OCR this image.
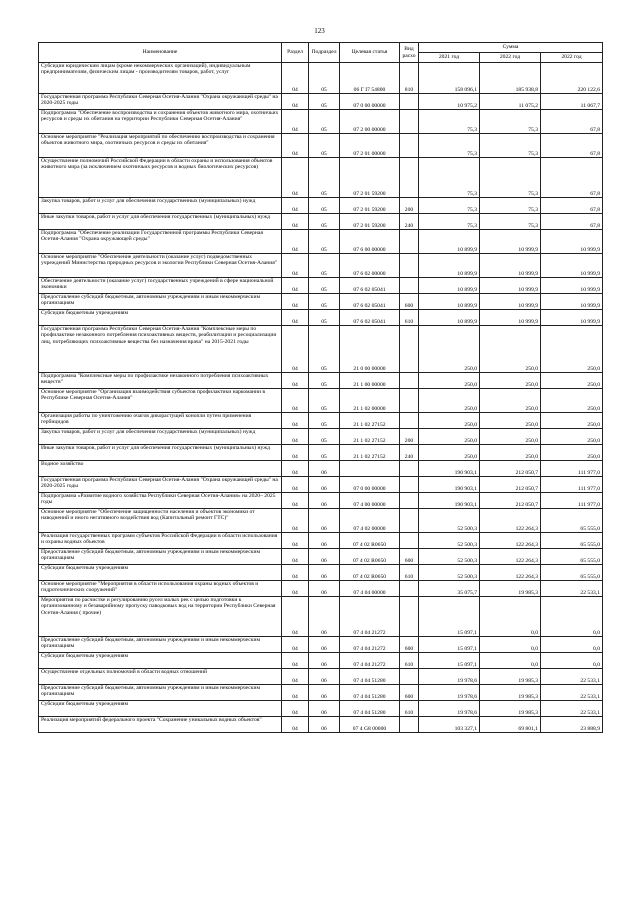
123
Наименование	Раздел	Подраздел	Целевая статья	Вид расхо	Сумма		
					2021 год	2022 год	2022 год
Субсидии юридическим лицам (кроме некоммерческих организаций), индивидуальным предпринимателям, физическим лицам - производителям товаров, работ, услуг	04	05	06 Г I7 54800	810	158 096,1	185 938,8	220 122,6
Государственная программа Республики Северная Осетия-Алания "Охрана окружающей среды" на 2020-2025 годы	04	05	07 0 00 00000		10 975,2	11 075,2	11 067,7
Подпрограмма "Обеспечение воспроизводства и сохранения объектов животного мира, охотничьих ресурсов и среды их обитания на территории Республики Северная Осетия-Алания"	04	05	07 2 00 00000		75,3	75,3	67,8
Основное мероприятие "Реализация мероприятий по обеспечению воспроизводства и сохранения объектов животного мира, охотничьих ресурсов и среды их обитания"	04	05	07 2 01 00000		75,3	75,3	67,8
Осуществление полномочий Российской Федерации в области охраны и использования объектов животного мира (за исключением охотничьих ресурсов и водных биологических ресурсов)	04	05	07 2 01 59200		75,3	75,3	67,8
Закупка товаров, работ и услуг для обеспечения государственных (муниципальных) нужд	04	05	07 2 01 59200	200	75,3	75,3	67,8
Иные закупки товаров, работ и услуг для обеспечения государственных (муниципальных) нужд	04	05	07 2 01 59200	240	75,3	75,3	67,8
Подпрограмма "Обеспечение реализации Государственной программы Республики Северная Осетия-Алания "Охрана окружающей среды"	04	05	07 6 00 00000		10 899,9	10 999,9	10 999,9
Основное мероприятие "Обеспечение деятельности (оказание услуг) подведомственных учреждений Министерства природных ресурсов и экологии Республики Северная Осетия-Алания"	04	05	07 6 02 00000		10 899,9	10 999,9	10 999,9
Обеспечение деятельности (оказание услуг) государственных учреждений в сфере национальной экономики	04	05	07 6 02 05041		10 899,9	10 999,9	10 999,9
Предоставление субсидий бюджетным, автономным учреждениям и иным некоммерческим организациям	04	05	07 6 02 05041	600	10 899,9	10 999,9	10 999,9
Субсидии бюджетным учреждениям	04	05	07 6 02 05041	610	10 899,9	10 999,9	10 999,9
Государственная программа Республики Северная Осетия-Алания "Комплексные меры по профилактике незаконного потребления психоактивных веществ, реабилитации и ресоциализации лиц, потребляющих психоактивные вещества без назначения врача" на 2015-2021 годы	04	05	21 0 00 00000		250,0	250,0	250,0
Подпрограмма "Комплексные меры по профилактике незаконного потребления психоактивных веществ"	04	05	21 1 00 00000		250,0	250,0	250,0
Основное мероприятие "Организация взаимодействия субъектов профилактики наркомании в Республике Северная Осетия-Алания"	04	05	21 1 02 00000		250,0	250,0	250,0
Организация работы по уничтожению очагов дикорастущей конопли путем применения гербицидов	04	05	21 1 02 27152		250,0	250,0	250,0
Закупка товаров, работ и услуг для обеспечения государственных (муниципальных) нужд	04	05	21 1 02 27152	200	250,0	250,0	250,0
Иные закупки товаров, работ и услуг для обеспечения государственных (муниципальных) нужд	04	05	21 1 02 27152	240	250,0	250,0	250,0
Водное хозяйство	04	06			190 903,1	212 050,7	111 977,0
Государственная программа Республики Северная Осетия-Алания "Охрана окружающей среды" на 2020-2025 годы	04	06	07 0 00 00000		190 903,1	212 050,7	111 977,0
Подпрограмма «Развитие водного хозяйства Республики Северная Осетия-Алания» на 2020– 2025 годы	04	06	07 4 00 00000		190 903,1	212 050,7	111 977,0
Основное мероприятие "Обеспечение защищенности населения и объектов экономики от наводнений и иного негативного воздействия вод (Капитальный ремонт ГТС)"	04	06	07 4 02 00000		52 500,3	122 264,3	65 555,0
Реализация государственных программ субъектов Российской Федерации в области использования и охраны водных объектов	04	06	07 4 02 R0650		52 500,3	122 264,3	65 555,0
Предоставление субсидий бюджетным, автономным учреждениям и иным некоммерческим организациям	04	06	07 4 02 R0650	600	52 500,3	122 264,3	65 555,0
Субсидии бюджетным учреждениям	04	06	07 4 02 R0650	610	52 500,3	122 264,3	65 555,0
Основное мероприятие "Мероприятия в области использования охраны водных объектов и гидротехнических сооружений"	04	06	07 4 04 00000		35 075,7	19 985,3	22 533,1
Мероприятия по расчистке и регулированию русел малых рек с целью подготовки к организованному и безаварийному пропуску паводковых вод на территории Республики Северная Осетия-Алания ( прочие)	04	06	07 4 04 21272		15 097,1	0,0	0,0
Предоставление субсидий бюджетным, автономным учреждениям и иным некоммерческим организациям	04	06	07 4 04 21272	600	15 097,1	0,0	0,0
Субсидии бюджетным учреждениям	04	06	07 4 04 21272	610	15 097,1	0,0	0,0
Осуществление отдельных полномочий в области водных отношений	04	06	07 4 04 51280		19 978,6	19 985,3	22 533,1
Предоставление субсидий бюджетным, автономным учреждениям и иным некоммерческим организациям	04	06	07 4 04 51280	600	19 978,6	19 985,3	22 533,1
Субсидии бюджетным учреждениям	04	06	07 4 04 51280	610	19 978,6	19 985,3	22 533,1
Реализация мероприятий федерального проекта "Сохранение уникальных водных объектов"	04	06	07 4 G8 00000		103 327,1	69 801,1	23 888,9
